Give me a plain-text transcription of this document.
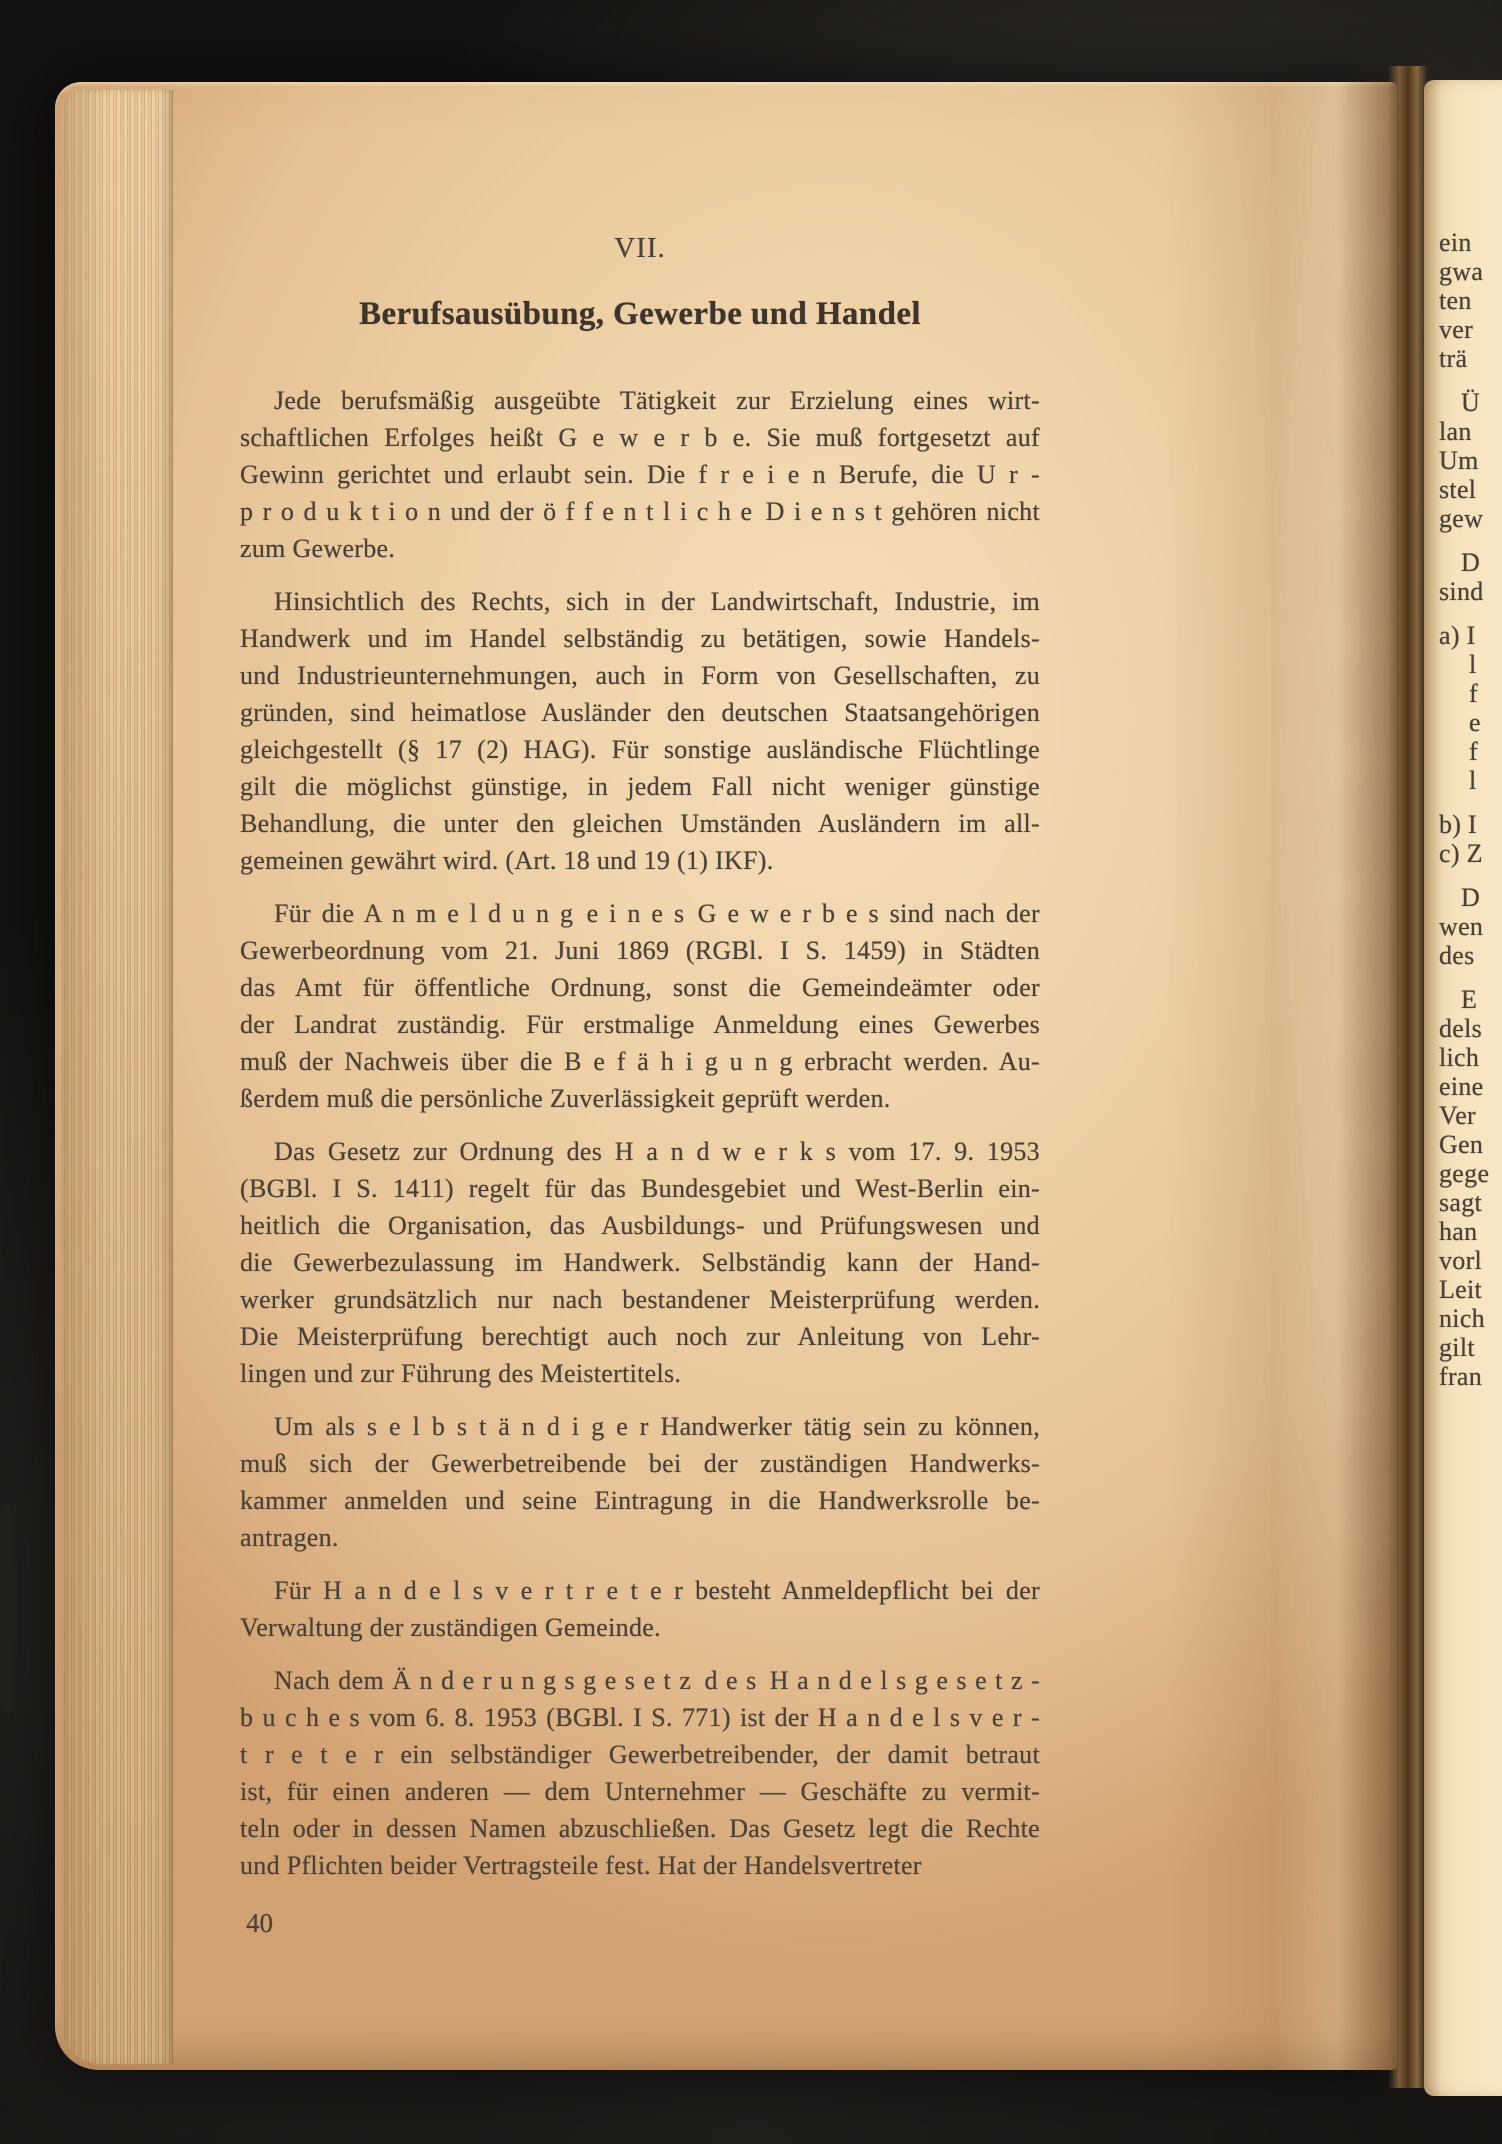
VII.
Berufsausübung, Gewerbe und Handel
Jede berufsmäßig ausgeübte Tätigkeit zur Erzielung eines wirt-
schaftlichen Erfolges heißt G e w e r b e. Sie muß fortgesetzt auf
Gewinn gerichtet und erlaubt sein. Die f r e i e n Berufe, die U r -
p r o d u k t i o n und der ö f f e n t l i c h e D i e n s t gehören nicht
zum Gewerbe.
Hinsichtlich des Rechts, sich in der Landwirtschaft, Industrie, im
Handwerk und im Handel selbständig zu betätigen, sowie Handels-
und Industrieunternehmungen, auch in Form von Gesellschaften, zu
gründen, sind heimatlose Ausländer den deutschen Staatsangehörigen
gleichgestellt (§ 17 (2) HAG). Für sonstige ausländische Flüchtlinge
gilt die möglichst günstige, in jedem Fall nicht weniger günstige
Behandlung, die unter den gleichen Umständen Ausländern im all-
gemeinen gewährt wird. (Art. 18 und 19 (1) IKF).
Für die A n m e l d u n g e i n e s G e w e r b e s sind nach der
Gewerbeordnung vom 21. Juni 1869 (RGBl. I S. 1459) in Städten
das Amt für öffentliche Ordnung, sonst die Gemeindeämter oder
der Landrat zuständig. Für erstmalige Anmeldung eines Gewerbes
muß der Nachweis über die B e f ä h i g u n g erbracht werden. Au-
ßerdem muß die persönliche Zuverlässigkeit geprüft werden.
Das Gesetz zur Ordnung des H a n d w e r k s vom 17. 9. 1953
(BGBl. I S. 1411) regelt für das Bundesgebiet und West-Berlin ein-
heitlich die Organisation, das Ausbildungs- und Prüfungswesen und
die Gewerbezulassung im Handwerk. Selbständig kann der Hand-
werker grundsätzlich nur nach bestandener Meisterprüfung werden.
Die Meisterprüfung berechtigt auch noch zur Anleitung von Lehr-
lingen und zur Führung des Meistertitels.
Um als s e l b s t ä n d i g e r Handwerker tätig sein zu können,
muß sich der Gewerbetreibende bei der zuständigen Handwerks-
kammer anmelden und seine Eintragung in die Handwerksrolle be-
antragen.
Für H a n d e l s v e r t r e t e r besteht Anmeldepflicht bei der
Verwaltung der zuständigen Gemeinde.
Nach dem Ä n d e r u n g s g e s e t z d e s H a n d e l s g e s e t z -
b u c h e s vom 6. 8. 1953 (BGBl. I S. 771) ist der H a n d e l s v e r -
t r e t e r ein selbständiger Gewerbetreibender, der damit betraut
ist, für einen anderen — dem Unternehmer — Geschäfte zu vermit-
teln oder in dessen Namen abzuschließen. Das Gesetz legt die Rechte
und Pflichten beider Vertragsteile fest. Hat der Handelsvertreter
40
ein
gwa
ten
ver
trä
Ü
lan
Um
stel
gew
D
sind
a) I
l
f
e
f
l
b) I
c) Z
D
wen
des
E
dels
lich
eine
Ver
Gen
gege
sagt
han
vorl
Leit
nich
gilt
fran
